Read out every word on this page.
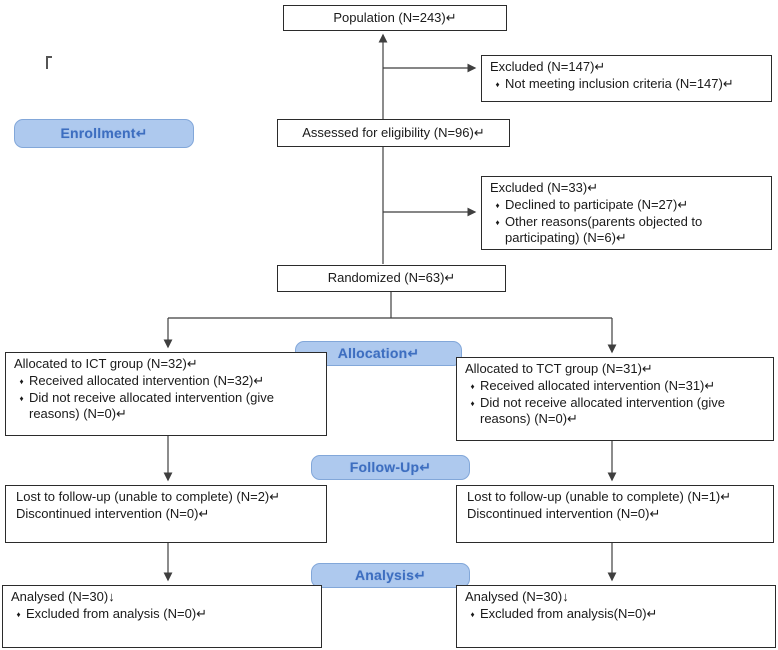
Population (N=243)↵
Excluded (N=147)↵
♦ Not meeting inclusion criteria (N=147)↵
Enrollment↵	Assessed for eligibility (N=96)↵
Excluded (N=33)↵
♦ Declined to participate (N=27)↵
♦ Other reasons(parents objected to participating) (N=6)↵
Randomized (N=63)↵
Allocation↵
Allocated to ICT group (N=32)↵
♦ Received allocated intervention (N=32)↵
♦ Did not receive allocated intervention (give reasons) (N=0)↵
Allocated to TCT group (N=31)↵
♦ Received allocated intervention (N=31)↵
♦ Did not receive allocated intervention (give reasons) (N=0)↵
Follow-Up↵
Lost to follow-up (unable to complete) (N=2)↵
Discontinued intervention (N=0)↵
Lost to follow-up (unable to complete) (N=1)↵
Discontinued intervention (N=0)↵
Analysis↵
Analysed (N=30)↓
♦ Excluded from analysis (N=0)↵
Analysed (N=30)↓
♦ Excluded from analysis(N=0)↵
